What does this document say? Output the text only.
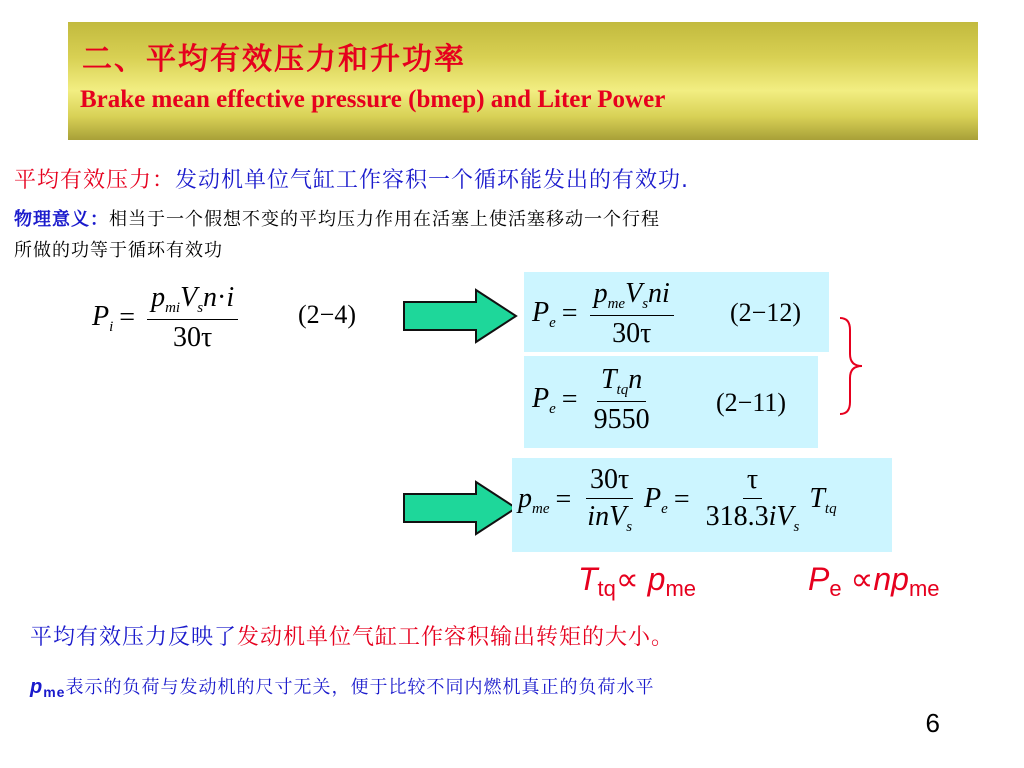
二、平均有效压力和升功率
Brake mean effective pressure (bmep) and Liter Power
平均有效压力：发动机单位气缸工作容积一个循环能发出的有效功.
物理意义：相当于一个假想不变的平均压力作用在活塞上使活塞移动一个行程
所做的功等于循环有效功
$P_i = \frac{p_{mi}V_sn\cdot i}{30\tau} (2-4)$	$P_e = \frac{p_{me}V_sni}{30\tau} (2-12)$
$P_e = \frac{T_{tq}n}{9550} (2-11)$
$p_{me} = \frac{30\tau}{inV_s} P_e = \frac{\tau}{318.3iV_s} T_{tq}$
$T_{tq}\propto p_{me}$	$P_e \propto np_{me}$
平均有效压力反映了发动机单位气缸工作容积输出转矩的大小。
$p_{me}$表示的负荷与发动机的尺寸无关，便于比较不同内燃机真正的负荷水平
6
